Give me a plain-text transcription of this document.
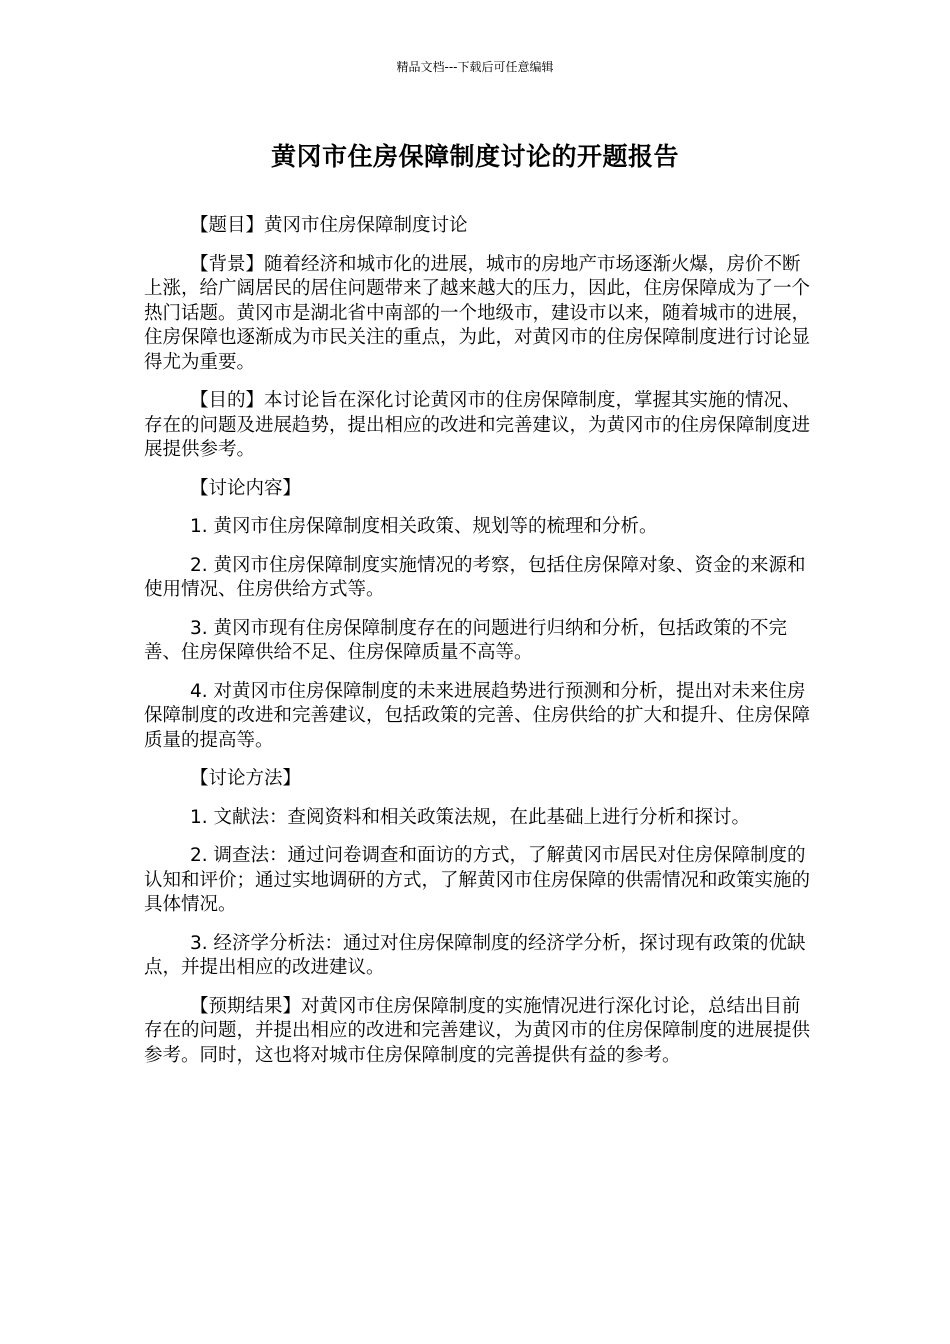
精品文档---下载后可任意编辑
黄冈市住房保障制度讨论的开题报告

【题目】黄冈市住房保障制度讨论

【背景】随着经济和城市化的进展，城市的房地产市场逐渐火爆，房价不断上涨，给广阔居民的居住问题带来了越来越大的压力，因此，住房保障成为了一个热门话题。黄冈市是湖北省中南部的一个地级市，建设市以来，随着城市的进展，住房保障也逐渐成为市民关注的重点，为此，对黄冈市的住房保障制度进行讨论显得尤为重要。

【目的】本讨论旨在深化讨论黄冈市的住房保障制度，掌握其实施的情况、存在的问题及进展趋势，提出相应的改进和完善建议，为黄冈市的住房保障制度进展提供参考。

【讨论内容】

1. 黄冈市住房保障制度相关政策、规划等的梳理和分析。

2. 黄冈市住房保障制度实施情况的考察，包括住房保障对象、资金的来源和使用情况、住房供给方式等。

3. 黄冈市现有住房保障制度存在的问题进行归纳和分析，包括政策的不完善、住房保障供给不足、住房保障质量不高等。

4. 对黄冈市住房保障制度的未来进展趋势进行预测和分析，提出对未来住房保障制度的改进和完善建议，包括政策的完善、住房供给的扩大和提升、住房保障质量的提高等。

【讨论方法】

1. 文献法：查阅资料和相关政策法规，在此基础上进行分析和探讨。

2. 调查法：通过问卷调查和面访的方式，了解黄冈市居民对住房保障制度的认知和评价；通过实地调研的方式，了解黄冈市住房保障的供需情况和政策实施的具体情况。

3. 经济学分析法：通过对住房保障制度的经济学分析，探讨现有政策的优缺点，并提出相应的改进建议。

【预期结果】对黄冈市住房保障制度的实施情况进行深化讨论，总结出目前存在的问题，并提出相应的改进和完善建议，为黄冈市的住房保障制度的进展提供参考。同时，这也将对城市住房保障制度的完善提供有益的参考。
